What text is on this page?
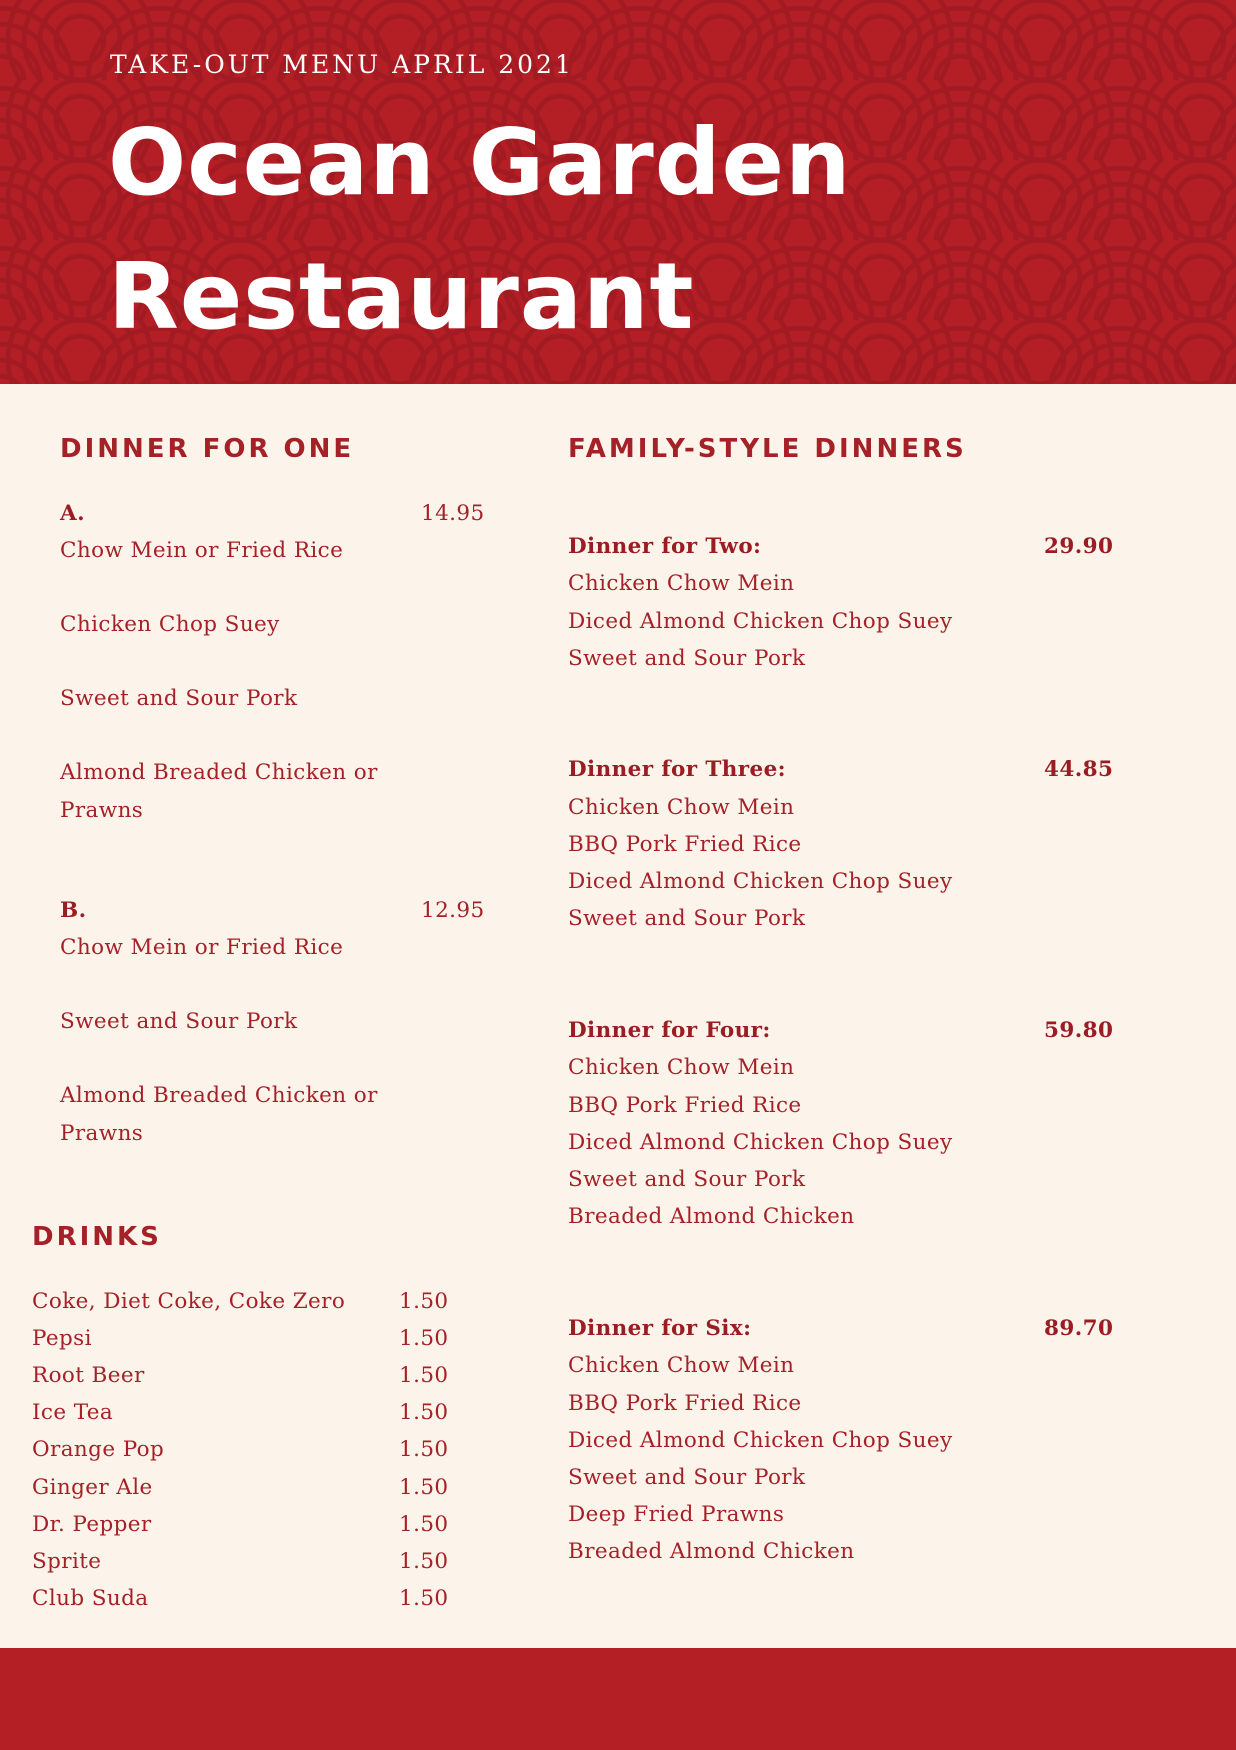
TAKE-OUT MENU APRIL 2021
Ocean Garden
Restaurant
DINNER FOR ONE
A.	14.95
Chow Mein or Fried Rice
Chicken Chop Suey
Sweet and Sour Pork
Almond Breaded Chicken or
Prawns
B.	12.95
Chow Mein or Fried Rice
Sweet and Sour Pork
Almond Breaded Chicken or
Prawns
DRINKS
Coke, Diet Coke, Coke Zero	1.50
Pepsi	1.50
Root Beer	1.50
Ice Tea	1.50
Orange Pop	1.50
Ginger Ale	1.50
Dr. Pepper	1.50
Sprite	1.50
Club Suda	1.50
FAMILY-STYLE DINNERS
Dinner for Two:	29.90
Chicken Chow Mein
Diced Almond Chicken Chop Suey
Sweet and Sour Pork
Dinner for Three:	44.85
Chicken Chow Mein
BBQ Pork Fried Rice
Diced Almond Chicken Chop Suey
Sweet and Sour Pork
Dinner for Four:	59.80
Chicken Chow Mein
BBQ Pork Fried Rice
Diced Almond Chicken Chop Suey
Sweet and Sour Pork
Breaded Almond Chicken
Dinner for Six:	89.70
Chicken Chow Mein
BBQ Pork Fried Rice
Diced Almond Chicken Chop Suey
Sweet and Sour Pork
Deep Fried Prawns
Breaded Almond Chicken
